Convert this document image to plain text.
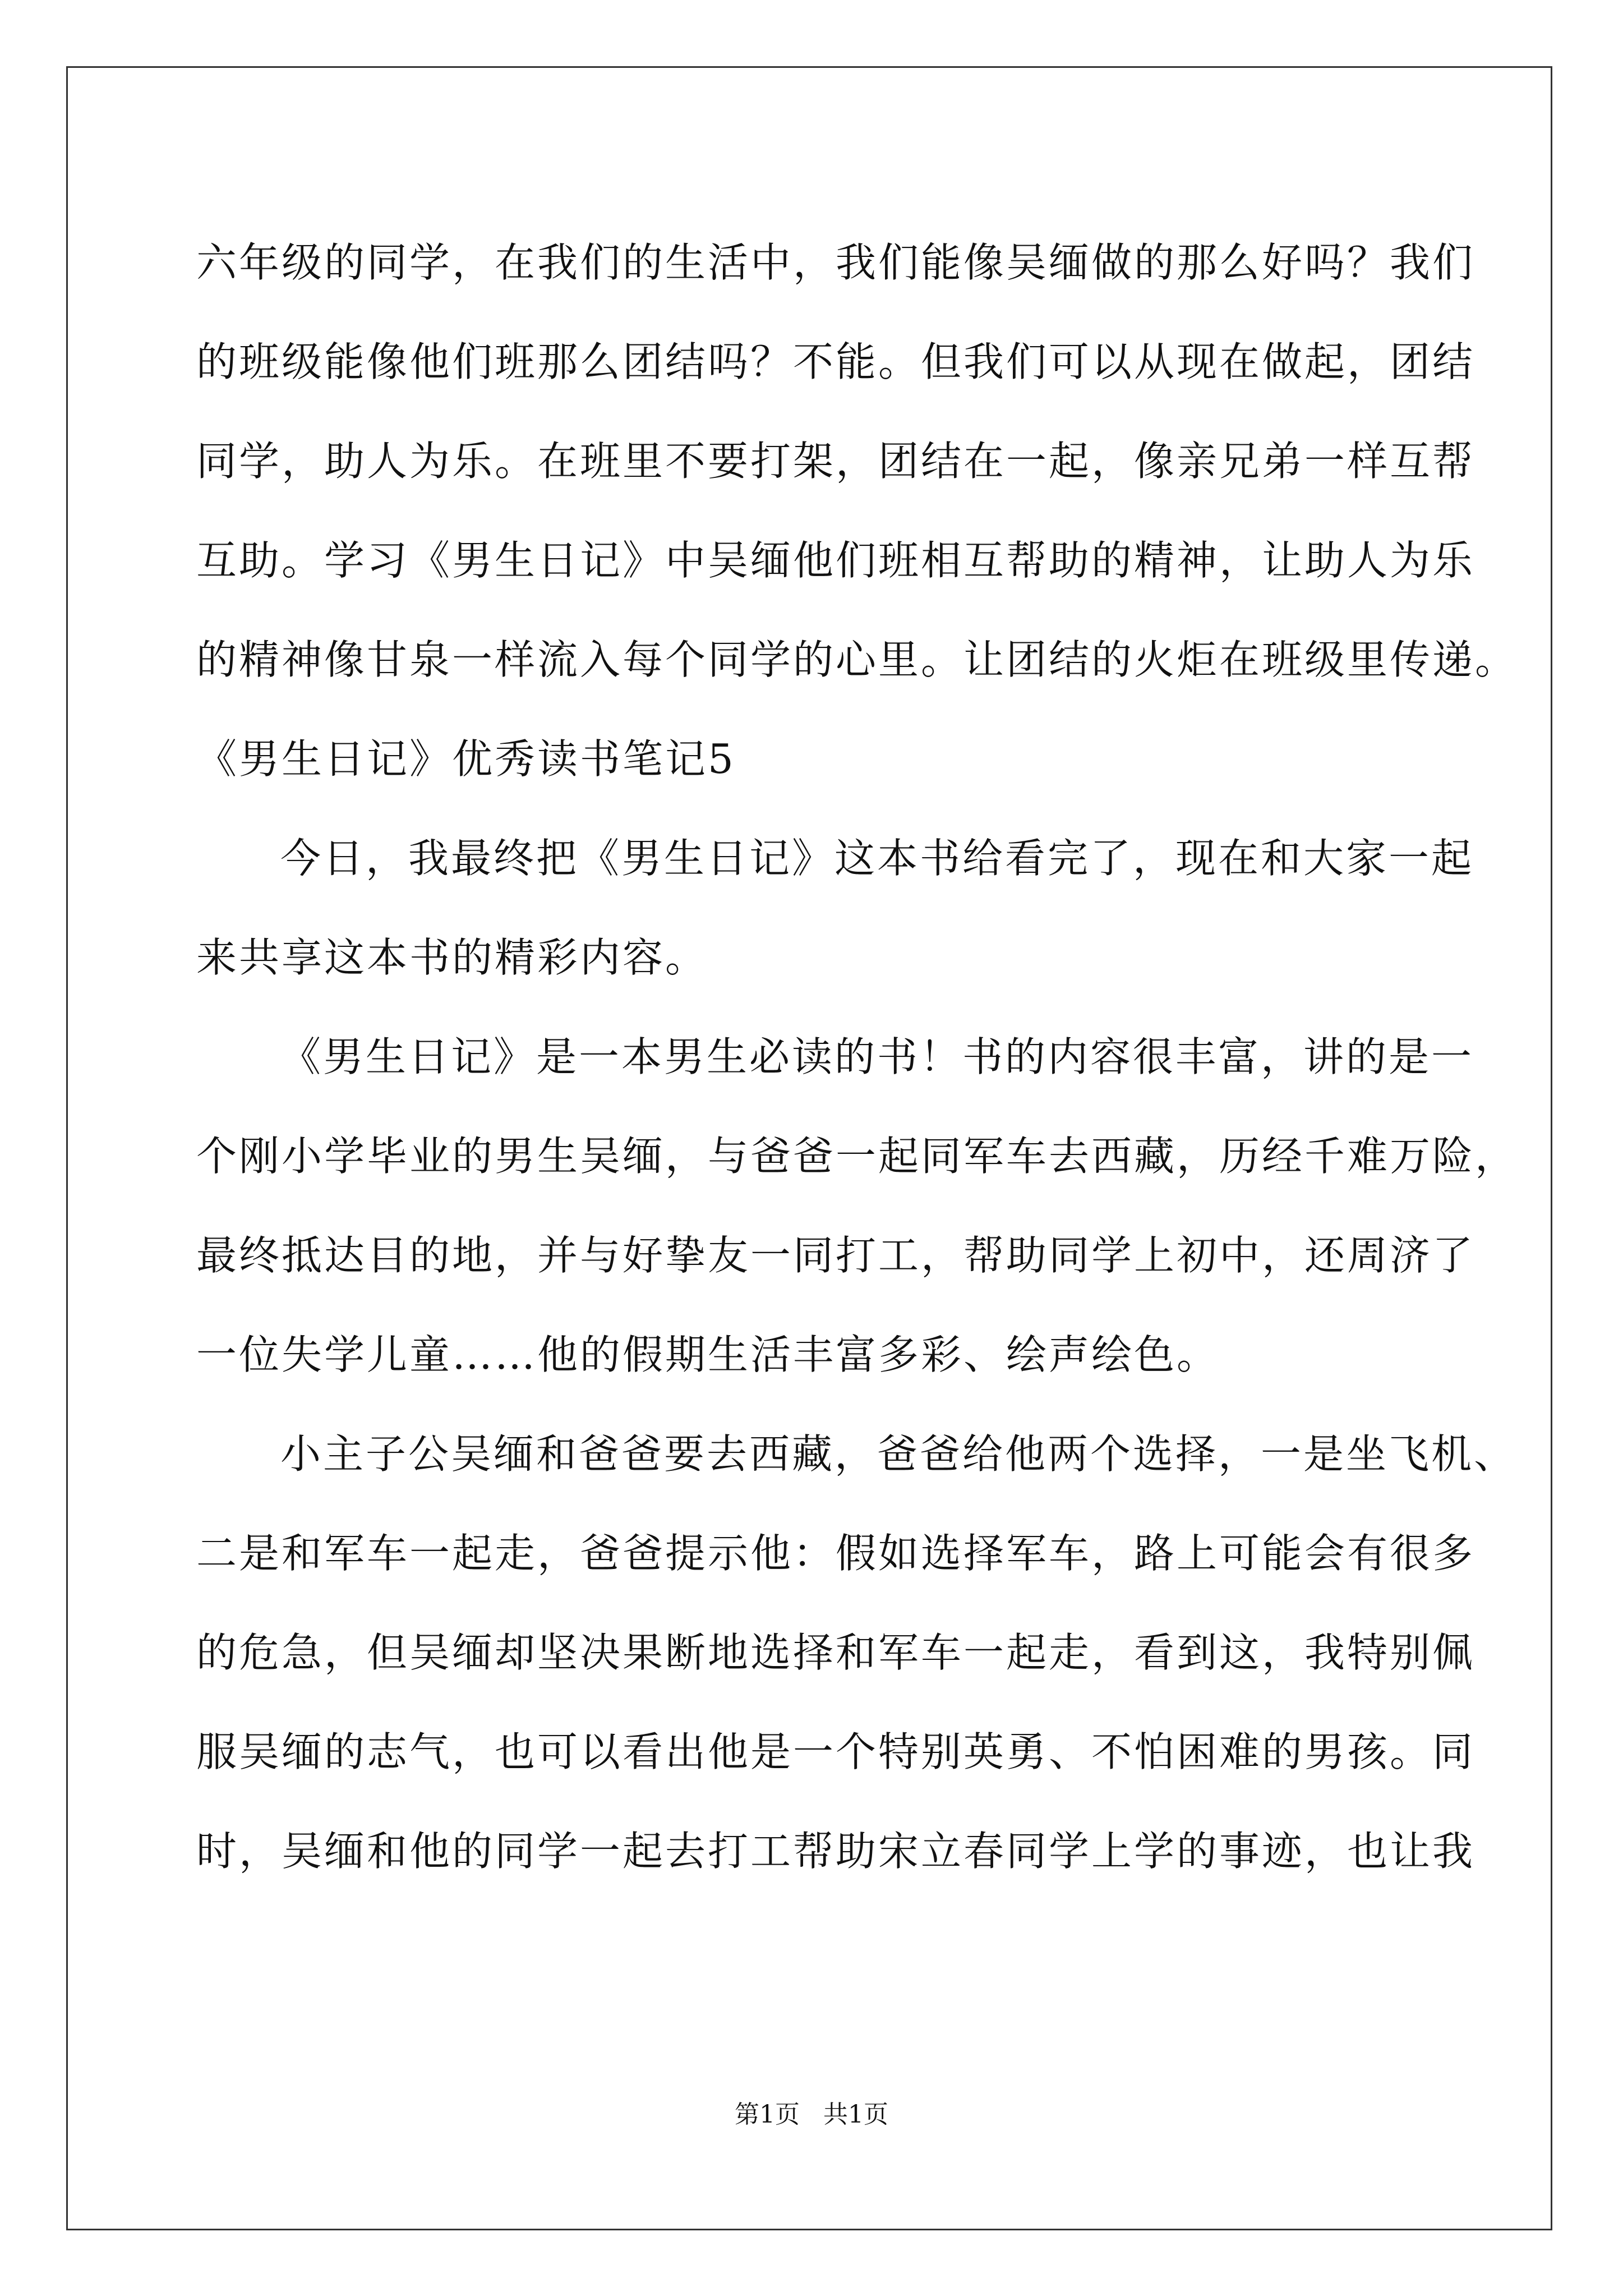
六年级的同学，在我们的生活中，我们能像吴缅做的那么好吗？我们
的班级能像他们班那么团结吗？不能。但我们可以从现在做起，团结
同学，助人为乐。在班里不要打架，团结在一起，像亲兄弟一样互帮
互助。学习《男生日记》中吴缅他们班相互帮助的精神，让助人为乐
的精神像甘泉一样流入每个同学的心里。让团结的火炬在班级里传递。
《男生日记》优秀读书笔记5
今日，我最终把《男生日记》这本书给看完了，现在和大家一起
来共享这本书的精彩内容。
《男生日记》是一本男生必读的书！书的内容很丰富，讲的是一
个刚小学毕业的男生吴缅，与爸爸一起同军车去西藏，历经千难万险，
最终抵达目的地，并与好挚友一同打工，帮助同学上初中，还周济了
一位失学儿童……他的假期生活丰富多彩、绘声绘色。
小主子公吴缅和爸爸要去西藏，爸爸给他两个选择，一是坐飞机、
二是和军车一起走，爸爸提示他：假如选择军车，路上可能会有很多
的危急，但吴缅却坚决果断地选择和军车一起走，看到这，我特别佩
服吴缅的志气，也可以看出他是一个特别英勇、不怕困难的男孩。同
时，吴缅和他的同学一起去打工帮助宋立春同学上学的事迹，也让我
第1页   共1页
